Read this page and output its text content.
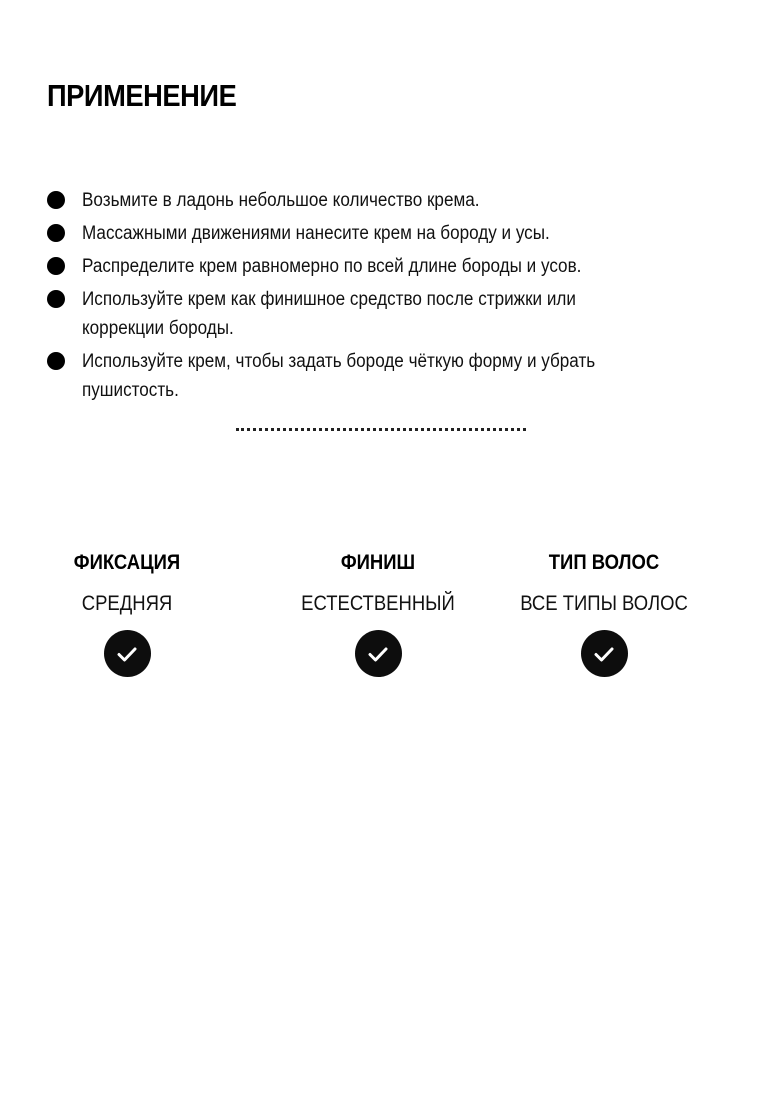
ПРИМЕНЕНИЕ
Возьмите в ладонь небольшое количество крема.
Массажными движениями нанесите крем на бороду и усы.
Распределите крем равномерно по всей длине бороды и усов.
Используйте крем как финишное средство после стрижки или коррекции бороды.
Используйте крем, чтобы задать бороде чёткую форму и убрать пушистость.
ФИКСАЦИЯ
СРЕДНЯЯ
ФИНИШ
ЕСТЕСТВЕННЫЙ
ТИП ВОЛОС
ВСЕ ТИПЫ ВОЛОС
